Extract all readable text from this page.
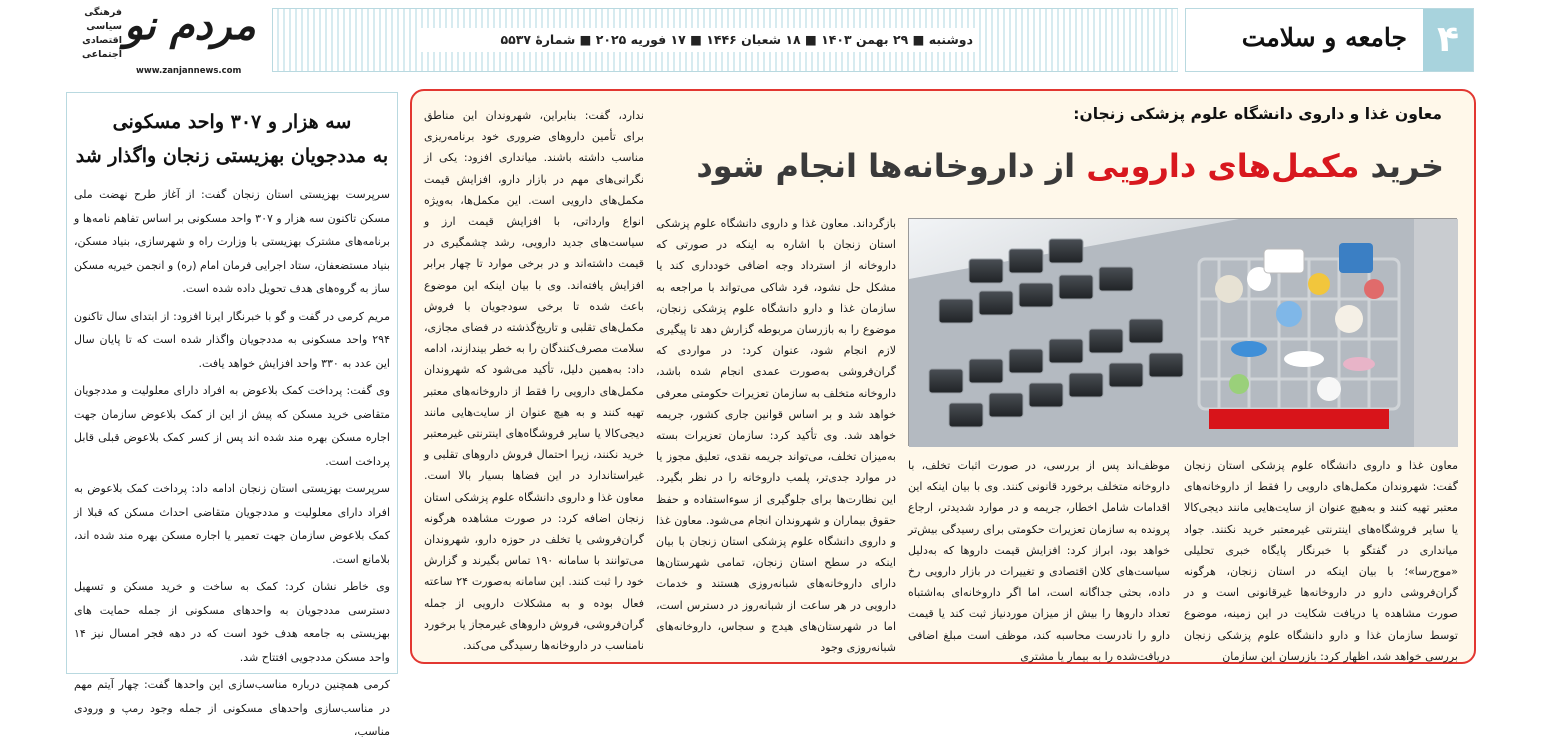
۴
جامعه و سلامت
دوشنبه ■ ۲۹ بهمن ۱۴۰۳ ■ ۱۸ شعبان ۱۴۴۶ ■ ۱۷ فوریه ۲۰۲۵ ■ شمارۀ ۵۵۳۷
مردم نو
فرهنگی
سیاسی
اقتصادی
اجتماعی
www.zanjannews.com
سه هزار و ۳۰۷ واحد مسکونی
به مددجویان بهزیستی زنجان واگذار شد

سرپرست بهزیستی استان زنجان گفت: از آغاز طرح نهضت ملی مسکن تاکنون سه هزار و ۳۰۷ واحد مسکونی بر اساس تفاهم نامه‌ها و برنامه‌های مشترک بهزیستی با وزارت راه و شهرسازی، بنیاد مسکن، بنیاد مستضعفان، ستاد اجرایی فرمان امام (ره) و انجمن خیریه مسکن ساز به گروه‌های هدف تحویل داده شده است.

مریم کرمی در گفت و گو با خبرنگار ایرنا افزود: از ابتدای سال تاکنون ۲۹۴ واحد مسکونی به مددجویان واگذار شده است که تا پایان سال این عدد به ۳۳۰ واحد افزایش خواهد یافت.

وی گفت: پرداخت کمک بلاعوض به افراد دارای معلولیت و مددجویان متقاضی خرید مسکن که پیش از این از کمک بلاعوض سازمان جهت اجاره مسکن بهره مند شده اند پس از کسر کمک بلاعوض قبلی قابل پرداخت است.

سرپرست بهزیستی استان زنجان ادامه داد: پرداخت کمک بلاعوض به افراد دارای معلولیت و مددجویان متقاضی احداث مسکن که قبلا از کمک بلاعوض سازمان جهت تعمیر یا اجاره مسکن بهره مند شده اند، بلامانع است.

وی خاطر نشان کرد: کمک به ساخت و خرید مسکن و تسهیل دسترسی مددجویان به واحدهای مسکونی از جمله حمایت های بهزیستی به جامعه هدف خود است که در دهه فجر امسال نیز ۱۴ واحد مسکن مددجویی افتتاح شد.

کرمی همچنین درباره مناسب‌سازی این واحدها گفت: چهار آیتم مهم در مناسب‌سازی واحدهای مسکونی از جمله وجود رمپ و ورودی مناسب،

معاون غذا و داروی دانشگاه علوم پزشکی زنجان:
خرید مکمل‌های دارویی از داروخانه‌ها انجام شود
ندارد، گفت: بنابراین، شهروندان این مناطق برای تأمین داروهای ضروری خود برنامه‌ریزی مناسب داشته باشند. میانداری افزود: یکی از نگرانی‌های مهم در بازار دارو، افزایش قیمت مکمل‌های دارویی است. این مکمل‌ها، به‌ویژه انواع وارداتی، با افزایش قیمت ارز و سیاست‌های جدید دارویی، رشد چشمگیری در قیمت داشته‌اند و در برخی موارد تا چهار برابر افزایش یافته‌اند. وی با بیان اینکه این موضوع باعث شده تا برخی سودجویان با فروش مکمل‌های تقلبی و تاریخ‌گذشته در فضای مجازی، سلامت مصرف‌کنندگان را به خطر بیندازند، ادامه داد: به‌همین دلیل، تأکید می‌شود که شهروندان مکمل‌های دارویی را فقط از داروخانه‌های معتبر تهیه کنند و به هیچ عنوان از سایت‌هایی مانند دیجی‌کالا یا سایر فروشگاه‌های اینترنتی غیرمعتبر خرید نکنند، زیرا احتمال فروش داروهای تقلبی و غیراستاندارد در این فضاها بسیار بالا است. معاون غذا و داروی دانشگاه علوم پزشکی استان زنجان اضافه کرد: در صورت مشاهده هرگونه گران‌فروشی یا تخلف در حوزه دارو، شهروندان می‌توانند با سامانه ۱۹۰ تماس بگیرند و گزارش خود را ثبت کنند. این سامانه به‌صورت ۲۴ ساعته فعال بوده و به مشکلات دارویی از جمله گران‌فروشی، فروش داروهای غیرمجاز یا برخورد نامناسب در داروخانه‌ها رسیدگی می‌کند.
بازگرداند. معاون غذا و داروی دانشگاه علوم پزشکی استان زنجان با اشاره به اینکه در صورتی که داروخانه از استرداد وجه اضافی خودداری کند یا مشکل حل نشود، فرد شاکی می‌تواند با مراجعه به سازمان غذا و دارو دانشگاه علوم پزشکی زنجان، موضوع را به بازرسان مربوطه گزارش دهد تا پیگیری لازم انجام شود، عنوان کرد: در مواردی که گران‌فروشی به‌صورت عمدی انجام شده باشد، داروخانه متخلف به سازمان تعزیرات حکومتی معرفی خواهد شد و بر اساس قوانین جاری کشور، جریمه خواهد شد. وی تأکید کرد: سازمان تعزیرات بسته به‌میزان تخلف، می‌تواند جریمه نقدی، تعلیق مجوز یا در موارد جدی‌تر، پلمب داروخانه را در نظر بگیرد. این نظارت‌ها برای جلوگیری از سوءاستفاده و حفظ حقوق بیماران و شهروندان انجام می‌شود. معاون غذا و داروی دانشگاه علوم پزشکی استان زنجان با بیان اینکه در سطح استان زنجان، تمامی شهرستان‌ها دارای داروخانه‌های شبانه‌روزی هستند و خدمات دارویی در هر ساعت از شبانه‌روز در دسترس است، اما در شهرستان‌های هیدج و سجاس، داروخانه‌های شبانه‌روزی وجود
موظف‌اند پس از بررسی، در صورت اثبات تخلف، با داروخانه متخلف برخورد قانونی کنند. وی با بیان اینکه این اقدامات شامل اخطار، جریمه و در موارد شدیدتر، ارجاع پرونده به سازمان تعزیرات حکومتی برای رسیدگی بیش‌تر خواهد بود، ابراز کرد: افزایش قیمت داروها که به‌دلیل سیاست‌های کلان اقتصادی و تغییرات در بازار دارویی رخ داده، بحثی جداگانه است، اما اگر داروخانه‌ای به‌اشتباه تعداد داروها را بیش از میزان موردنیاز ثبت کند یا قیمت دارو را نادرست محاسبه کند، موظف است مبلغ اضافی دریافت‌شده را به بیمار یا مشتری
معاون غذا و داروی دانشگاه علوم پزشکی استان زنجان گفت: شهروندان مکمل‌های دارویی را فقط از داروخانه‌های معتبر تهیه کنند و به‌هیچ عنوان از سایت‌هایی مانند دیجی‌کالا یا سایر فروشگاه‌های اینترنتی غیرمعتبر خرید نکنند. جواد میانداری در گفتگو با خبرنگار پایگاه خبری تحلیلی «موج‌رسا»؛ با بیان اینکه در استان زنجان، هرگونه گران‌فروشی دارو در داروخانه‌ها غیرقانونی است و در صورت مشاهده یا دریافت شکایت در این زمینه، موضوع توسط سازمان غذا و دارو دانشگاه علوم پزشکی زنجان بررسی خواهد شد، اظهار کرد: بازرسان این سازمان
